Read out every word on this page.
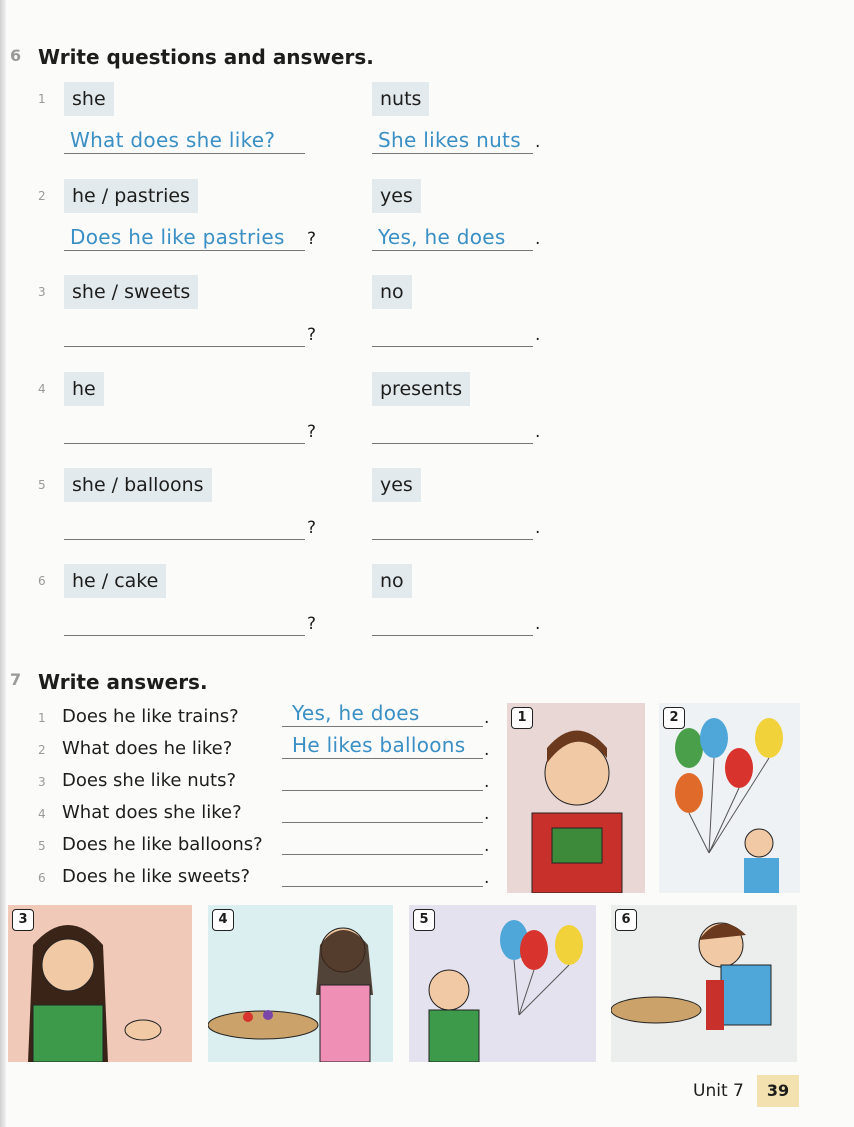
6 Write questions and answers.
1	she	nuts
What does she like?	She likes nuts .
2	he / pastries	yes
Does he like pastries ?	Yes, he does .
3	she / sweets	no
?	.
4	he	presents
?	.
5	she / balloons	yes
?	.
6	he / cake	no
?	.
7 Write answers.
1 Does he like trains?	Yes, he does	.
2 What does he like?	He likes balloons .
3 Does she like nuts?	.
4 What does she like?	.
5 Does he like balloons?	.
6 Does he like sweets?	.
1	2
3	4	5	6
Unit 7	39
